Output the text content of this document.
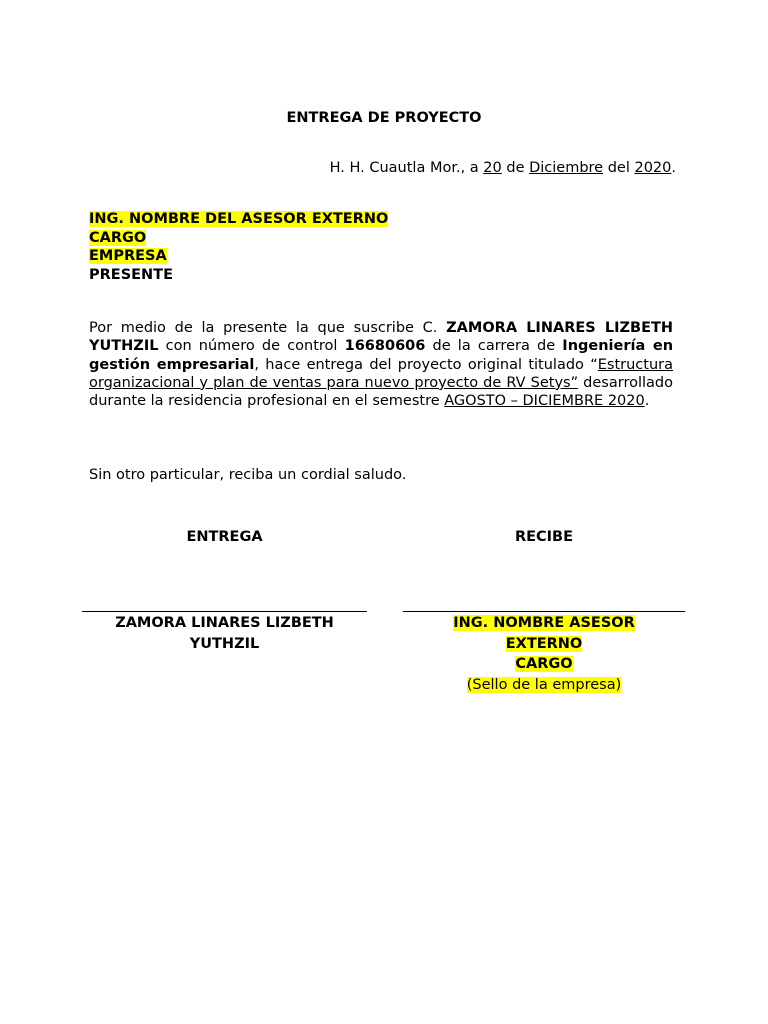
ENTREGA DE PROYECTO
H. H. Cuautla Mor., a 20 de Diciembre del 2020.
ING. NOMBRE DEL ASESOR EXTERNO
CARGO
EMPRESA
PRESENTE
Por medio de la presente la que suscribe C. ZAMORA LINARES LIZBETH YUTHZIL con número de control 16680606 de la carrera de Ingeniería en gestión empresarial, hace entrega del proyecto original titulado “Estructura organizacional y plan de ventas para nuevo proyecto de RV Setys” desarrollado durante la residencia profesional en el semestre AGOSTO – DICIEMBRE 2020.
Sin otro particular, reciba un cordial saludo.
ENTREGA
ZAMORA LINARES LIZBETH
YUTHZIL
RECIBE
ING. NOMBRE ASESOR
EXTERNO
CARGO
(Sello de la empresa)
